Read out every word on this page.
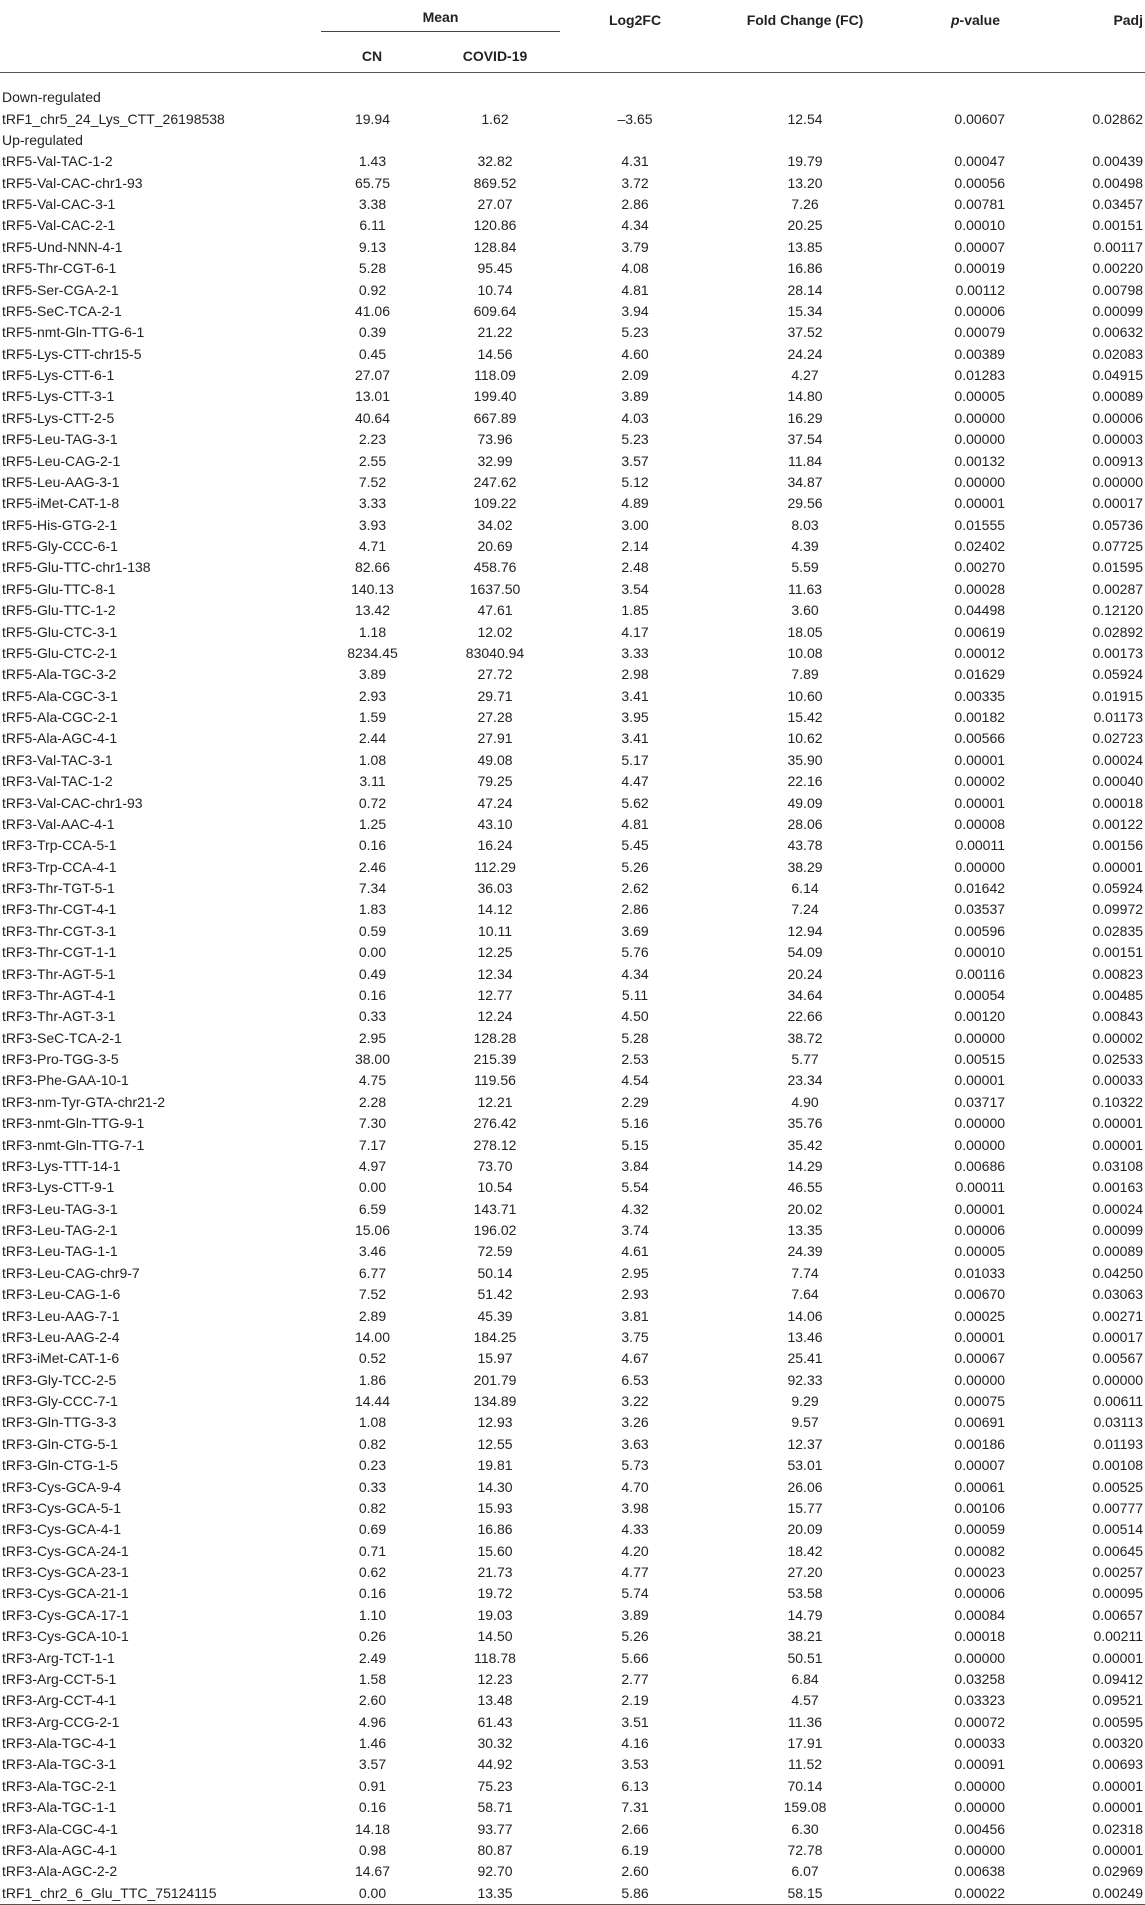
	Mean		Log2FC	Fold Change (FC)	p-value	Padj
	CN	COVID-19				

Down-regulated						
tRF1_chr5_24_Lys_CTT_26198538	19.94	1.62	–3.65	12.54	0.00607	0.02862
Up-regulated						
tRF5-Val-TAC-1-2	1.43	32.82	4.31	19.79	0.00047	0.00439
tRF5-Val-CAC-chr1-93	65.75	869.52	3.72	13.20	0.00056	0.00498
tRF5-Val-CAC-3-1	3.38	27.07	2.86	7.26	0.00781	0.03457
tRF5-Val-CAC-2-1	6.11	120.86	4.34	20.25	0.00010	0.00151
tRF5-Und-NNN-4-1	9.13	128.84	3.79	13.85	0.00007	0.00117
tRF5-Thr-CGT-6-1	5.28	95.45	4.08	16.86	0.00019	0.00220
tRF5-Ser-CGA-2-1	0.92	10.74	4.81	28.14	0.00112	0.00798
tRF5-SeC-TCA-2-1	41.06	609.64	3.94	15.34	0.00006	0.00099
tRF5-nmt-Gln-TTG-6-1	0.39	21.22	5.23	37.52	0.00079	0.00632
tRF5-Lys-CTT-chr15-5	0.45	14.56	4.60	24.24	0.00389	0.02083
tRF5-Lys-CTT-6-1	27.07	118.09	2.09	4.27	0.01283	0.04915
tRF5-Lys-CTT-3-1	13.01	199.40	3.89	14.80	0.00005	0.00089
tRF5-Lys-CTT-2-5	40.64	667.89	4.03	16.29	0.00000	0.00006
tRF5-Leu-TAG-3-1	2.23	73.96	5.23	37.54	0.00000	0.00003
tRF5-Leu-CAG-2-1	2.55	32.99	3.57	11.84	0.00132	0.00913
tRF5-Leu-AAG-3-1	7.52	247.62	5.12	34.87	0.00000	0.00000
tRF5-iMet-CAT-1-8	3.33	109.22	4.89	29.56	0.00001	0.00017
tRF5-His-GTG-2-1	3.93	34.02	3.00	8.03	0.01555	0.05736
tRF5-Gly-CCC-6-1	4.71	20.69	2.14	4.39	0.02402	0.07725
tRF5-Glu-TTC-chr1-138	82.66	458.76	2.48	5.59	0.00270	0.01595
tRF5-Glu-TTC-8-1	140.13	1637.50	3.54	11.63	0.00028	0.00287
tRF5-Glu-TTC-1-2	13.42	47.61	1.85	3.60	0.04498	0.12120
tRF5-Glu-CTC-3-1	1.18	12.02	4.17	18.05	0.00619	0.02892
tRF5-Glu-CTC-2-1	8234.45	83040.94	3.33	10.08	0.00012	0.00173
tRF5-Ala-TGC-3-2	3.89	27.72	2.98	7.89	0.01629	0.05924
tRF5-Ala-CGC-3-1	2.93	29.71	3.41	10.60	0.00335	0.01915
tRF5-Ala-CGC-2-1	1.59	27.28	3.95	15.42	0.00182	0.01173
tRF5-Ala-AGC-4-1	2.44	27.91	3.41	10.62	0.00566	0.02723
tRF3-Val-TAC-3-1	1.08	49.08	5.17	35.90	0.00001	0.00024
tRF3-Val-TAC-1-2	3.11	79.25	4.47	22.16	0.00002	0.00040
tRF3-Val-CAC-chr1-93	0.72	47.24	5.62	49.09	0.00001	0.00018
tRF3-Val-AAC-4-1	1.25	43.10	4.81	28.06	0.00008	0.00122
tRF3-Trp-CCA-5-1	0.16	16.24	5.45	43.78	0.00011	0.00156
tRF3-Trp-CCA-4-1	2.46	112.29	5.26	38.29	0.00000	0.00001
tRF3-Thr-TGT-5-1	7.34	36.03	2.62	6.14	0.01642	0.05924
tRF3-Thr-CGT-4-1	1.83	14.12	2.86	7.24	0.03537	0.09972
tRF3-Thr-CGT-3-1	0.59	10.11	3.69	12.94	0.00596	0.02835
tRF3-Thr-CGT-1-1	0.00	12.25	5.76	54.09	0.00010	0.00151
tRF3-Thr-AGT-5-1	0.49	12.34	4.34	20.24	0.00116	0.00823
tRF3-Thr-AGT-4-1	0.16	12.77	5.11	34.64	0.00054	0.00485
tRF3-Thr-AGT-3-1	0.33	12.24	4.50	22.66	0.00120	0.00843
tRF3-SeC-TCA-2-1	2.95	128.28	5.28	38.72	0.00000	0.00002
tRF3-Pro-TGG-3-5	38.00	215.39	2.53	5.77	0.00515	0.02533
tRF3-Phe-GAA-10-1	4.75	119.56	4.54	23.34	0.00001	0.00033
tRF3-nm-Tyr-GTA-chr21-2	2.28	12.21	2.29	4.90	0.03717	0.10322
tRF3-nmt-Gln-TTG-9-1	7.30	276.42	5.16	35.76	0.00000	0.00001
tRF3-nmt-Gln-TTG-7-1	7.17	278.12	5.15	35.42	0.00000	0.00001
tRF3-Lys-TTT-14-1	4.97	73.70	3.84	14.29	0.00686	0.03108
tRF3-Lys-CTT-9-1	0.00	10.54	5.54	46.55	0.00011	0.00163
tRF3-Leu-TAG-3-1	6.59	143.71	4.32	20.02	0.00001	0.00024
tRF3-Leu-TAG-2-1	15.06	196.02	3.74	13.35	0.00006	0.00099
tRF3-Leu-TAG-1-1	3.46	72.59	4.61	24.39	0.00005	0.00089
tRF3-Leu-CAG-chr9-7	6.77	50.14	2.95	7.74	0.01033	0.04250
tRF3-Leu-CAG-1-6	7.52	51.42	2.93	7.64	0.00670	0.03063
tRF3-Leu-AAG-7-1	2.89	45.39	3.81	14.06	0.00025	0.00271
tRF3-Leu-AAG-2-4	14.00	184.25	3.75	13.46	0.00001	0.00017
tRF3-iMet-CAT-1-6	0.52	15.97	4.67	25.41	0.00067	0.00567
tRF3-Gly-TCC-2-5	1.86	201.79	6.53	92.33	0.00000	0.00000
tRF3-Gly-CCC-7-1	14.44	134.89	3.22	9.29	0.00075	0.00611
tRF3-Gln-TTG-3-3	1.08	12.93	3.26	9.57	0.00691	0.03113
tRF3-Gln-CTG-5-1	0.82	12.55	3.63	12.37	0.00186	0.01193
tRF3-Gln-CTG-1-5	0.23	19.81	5.73	53.01	0.00007	0.00108
tRF3-Cys-GCA-9-4	0.33	14.30	4.70	26.06	0.00061	0.00525
tRF3-Cys-GCA-5-1	0.82	15.93	3.98	15.77	0.00106	0.00777
tRF3-Cys-GCA-4-1	0.69	16.86	4.33	20.09	0.00059	0.00514
tRF3-Cys-GCA-24-1	0.71	15.60	4.20	18.42	0.00082	0.00645
tRF3-Cys-GCA-23-1	0.62	21.73	4.77	27.20	0.00023	0.00257
tRF3-Cys-GCA-21-1	0.16	19.72	5.74	53.58	0.00006	0.00095
tRF3-Cys-GCA-17-1	1.10	19.03	3.89	14.79	0.00084	0.00657
tRF3-Cys-GCA-10-1	0.26	14.50	5.26	38.21	0.00018	0.00211
tRF3-Arg-TCT-1-1	2.49	118.78	5.66	50.51	0.00000	0.00001
tRF3-Arg-CCT-5-1	1.58	12.23	2.77	6.84	0.03258	0.09412
tRF3-Arg-CCT-4-1	2.60	13.48	2.19	4.57	0.03323	0.09521
tRF3-Arg-CCG-2-1	4.96	61.43	3.51	11.36	0.00072	0.00595
tRF3-Ala-TGC-4-1	1.46	30.32	4.16	17.91	0.00033	0.00320
tRF3-Ala-TGC-3-1	3.57	44.92	3.53	11.52	0.00091	0.00693
tRF3-Ala-TGC-2-1	0.91	75.23	6.13	70.14	0.00000	0.00001
tRF3-Ala-TGC-1-1	0.16	58.71	7.31	159.08	0.00000	0.00001
tRF3-Ala-CGC-4-1	14.18	93.77	2.66	6.30	0.00456	0.02318
tRF3-Ala-AGC-4-1	0.98	80.87	6.19	72.78	0.00000	0.00001
tRF3-Ala-AGC-2-2	14.67	92.70	2.60	6.07	0.00638	0.02969
tRF1_chr2_6_Glu_TTC_75124115	0.00	13.35	5.86	58.15	0.00022	0.00249
